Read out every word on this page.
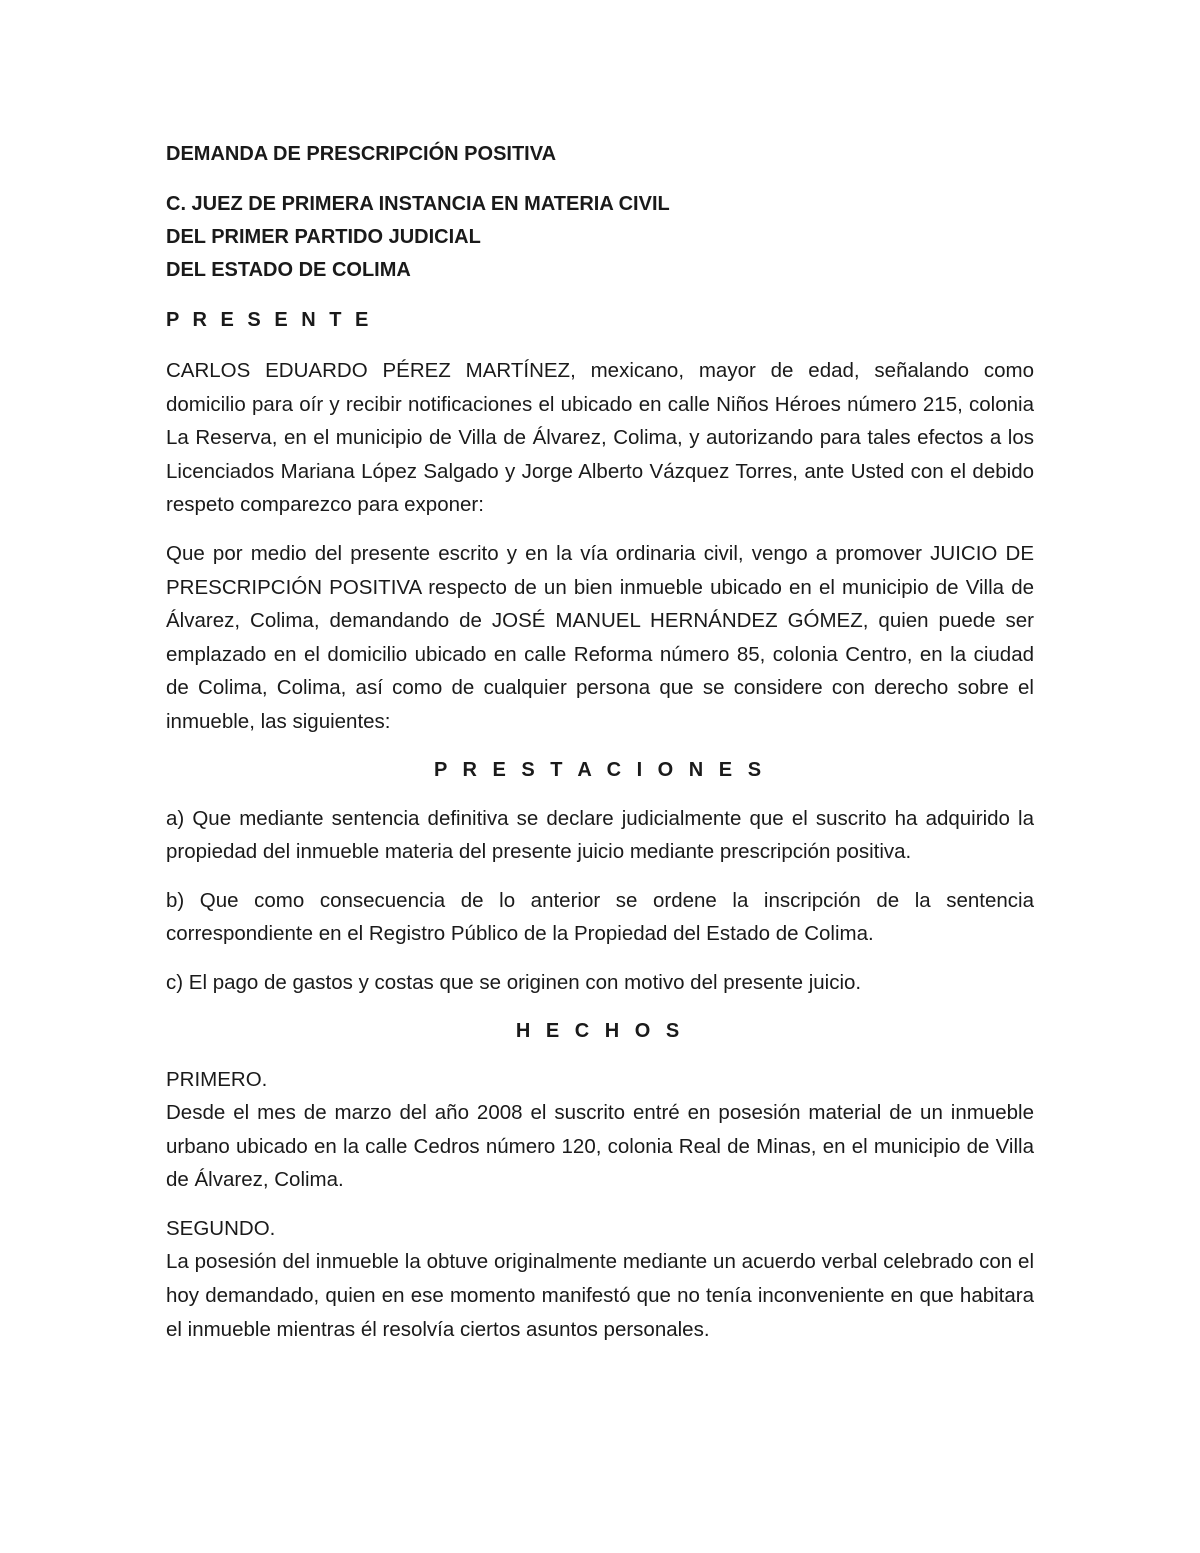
DEMANDA DE PRESCRIPCIÓN POSITIVA
C. JUEZ DE PRIMERA INSTANCIA EN MATERIA CIVIL
DEL PRIMER PARTIDO JUDICIAL
DEL ESTADO DE COLIMA
P R E S E N T E

CARLOS EDUARDO PÉREZ MARTÍNEZ, mexicano, mayor de edad, señalando como domicilio para oír y recibir notificaciones el ubicado en calle Niños Héroes número 215, colonia La Reserva, en el municipio de Villa de Álvarez, Colima, y autorizando para tales efectos a los Licenciados Mariana López Salgado y Jorge Alberto Vázquez Torres, ante Usted con el debido respeto comparezco para exponer:

Que por medio del presente escrito y en la vía ordinaria civil, vengo a promover JUICIO DE PRESCRIPCIÓN POSITIVA respecto de un bien inmueble ubicado en el municipio de Villa de Álvarez, Colima, demandando de JOSÉ MANUEL HERNÁNDEZ GÓMEZ, quien puede ser emplazado en el domicilio ubicado en calle Reforma número 85, colonia Centro, en la ciudad de Colima, Colima, así como de cualquier persona que se considere con derecho sobre el inmueble, las siguientes:

P R E S T A C I O N E S

a) Que mediante sentencia definitiva se declare judicialmente que el suscrito ha adquirido la propiedad del inmueble materia del presente juicio mediante prescripción positiva.

b) Que como consecuencia de lo anterior se ordene la inscripción de la sentencia correspondiente en el Registro Público de la Propiedad del Estado de Colima.

c) El pago de gastos y costas que se originen con motivo del presente juicio.

H E C H O S
PRIMERO.

Desde el mes de marzo del año 2008 el suscrito entré en posesión material de un inmueble urbano ubicado en la calle Cedros número 120, colonia Real de Minas, en el municipio de Villa de Álvarez, Colima.

SEGUNDO.

La posesión del inmueble la obtuve originalmente mediante un acuerdo verbal celebrado con el hoy demandado, quien en ese momento manifestó que no tenía inconveniente en que habitara el inmueble mientras él resolvía ciertos asuntos personales.
